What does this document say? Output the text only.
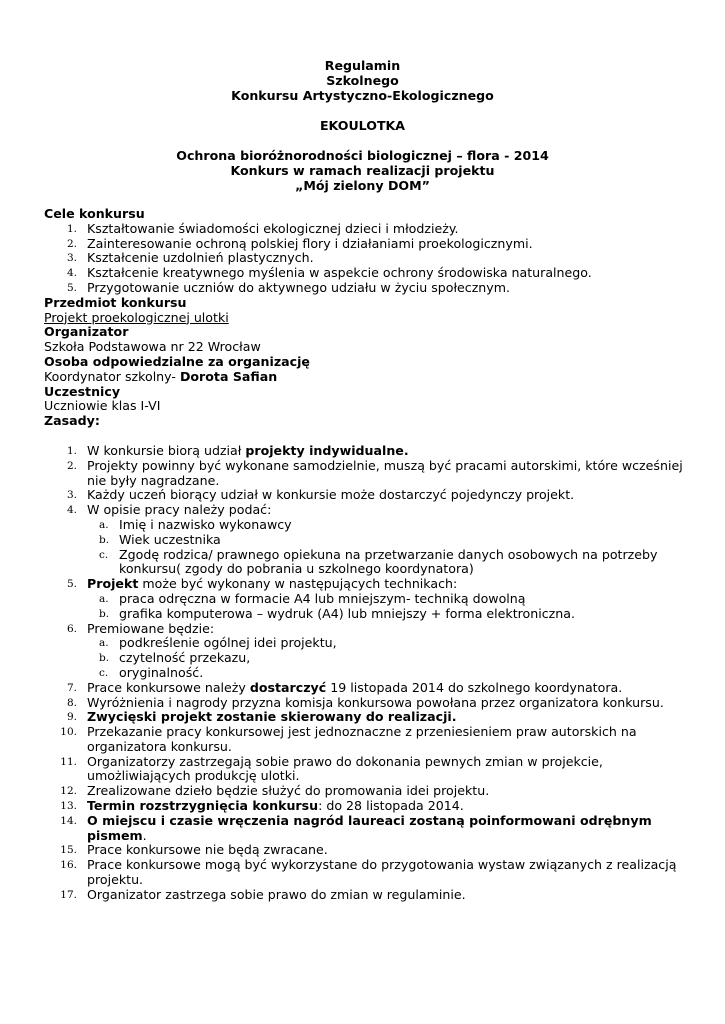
Regulamin
Szkolnego
Konkursu Artystyczno-Ekologicznego
EKOULOTKA
Ochrona bioróżnorodności biologicznej – flora - 2014
Konkurs w ramach realizacji projektu
„Mój zielony DOM”
Cele konkursu
1. Kształtowanie świadomości ekologicznej dzieci i młodzieży.
2. Zainteresowanie ochroną polskiej flory i działaniami proekologicznymi.
3. Kształcenie uzdolnień plastycznych.
4. Kształcenie kreatywnego myślenia w aspekcie ochrony środowiska naturalnego.
5. Przygotowanie uczniów do aktywnego udziału w życiu społecznym.
Przedmiot konkursu
Projekt proekologicznej ulotki
Organizator
Szkoła Podstawowa nr 22 Wrocław
Osoba odpowiedzialne za organizację
Koordynator szkolny- Dorota Safian
Uczestnicy
Uczniowie klas I-VI
Zasady:
1. W konkursie biorą udział projekty indywidualne.
2. Projekty powinny być wykonane samodzielnie, muszą być pracami autorskimi, które wcześniej nie były nagradzane.
3. Każdy uczeń biorący udział w konkursie może dostarczyć pojedynczy projekt.
4. W opisie pracy należy podać:
a. Imię i nazwisko wykonawcy
b. Wiek uczestnika
c. Zgodę rodzica/ prawnego opiekuna na przetwarzanie danych osobowych na potrzeby konkursu( zgody do pobrania u szkolnego koordynatora)
5. Projekt może być wykonany w następujących technikach:
a. praca odręczna w formacie A4 lub mniejszym- techniką dowolną
b. grafika komputerowa – wydruk (A4) lub mniejszy + forma elektroniczna.
6. Premiowane będzie:
a. podkreślenie ogólnej idei projektu,
b. czytelność przekazu,
c. oryginalność.
7. Prace konkursowe należy dostarczyć 19 listopada 2014 do szkolnego koordynatora.
8. Wyróżnienia i nagrody przyzna komisja konkursowa powołana przez organizatora konkursu.
9. Zwycięski projekt zostanie skierowany do realizacji.
10. Przekazanie pracy konkursowej jest jednoznaczne z przeniesieniem praw autorskich na organizatora konkursu.
11. Organizatorzy zastrzegają sobie prawo do dokonania pewnych zmian w projekcie, umożliwiających produkcję ulotki.
12. Zrealizowane dzieło będzie służyć do promowania idei projektu.
13. Termin rozstrzygnięcia konkursu: do 28 listopada 2014.
14. O miejscu i czasie wręczenia nagród laureaci zostaną poinformowani odrębnym pismem.
15. Prace konkursowe nie będą zwracane.
16. Prace konkursowe mogą być wykorzystane do przygotowania wystaw związanych z realizacją projektu.
17. Organizator zastrzega sobie prawo do zmian w regulaminie.
